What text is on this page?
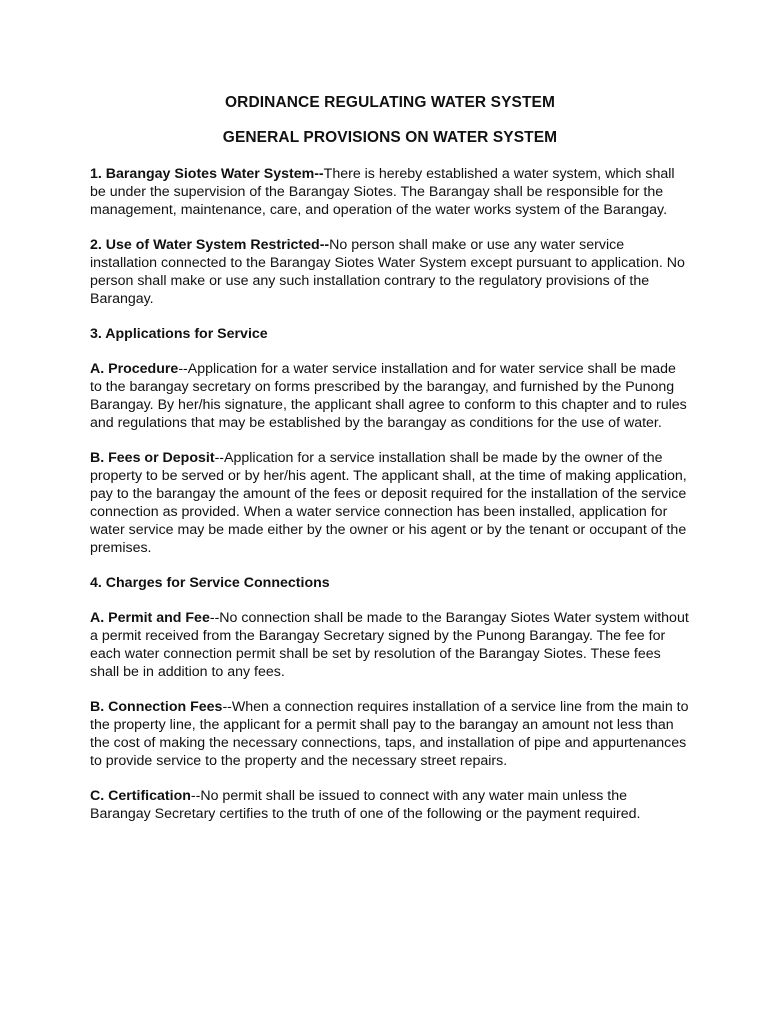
ORDINANCE REGULATING WATER SYSTEM

GENERAL PROVISIONS ON WATER SYSTEM

1. Barangay Siotes Water System--There is hereby established a water system, which shall be under the supervision of the Barangay Siotes. The Barangay shall be responsible for the management, maintenance, care, and operation of the water works system of the Barangay.

2. Use of Water System Restricted--No person shall make or use any water service installation connected to the Barangay Siotes Water System except pursuant to application. No person shall make or use any such installation contrary to the regulatory provisions of the Barangay.

3. Applications for Service

A. Procedure--Application for a water service installation and for water service shall be made to the barangay secretary on forms prescribed by the barangay, and furnished by the Punong Barangay. By her/his signature, the applicant shall agree to conform to this chapter and to rules and regulations that may be established by the barangay as conditions for the use of water.

B. Fees or Deposit--Application for a service installation shall be made by the owner of the property to be served or by her/his agent. The applicant shall, at the time of making application, pay to the barangay the amount of the fees or deposit required for the installation of the service connection as provided. When a water service connection has been installed, application for water service may be made either by the owner or his agent or by the tenant or occupant of the premises.

4. Charges for Service Connections

A. Permit and Fee--No connection shall be made to the Barangay Siotes Water system without a permit received from the Barangay Secretary signed by the Punong Barangay. The fee for each water connection permit shall be set by resolution of the Barangay Siotes. These fees shall be in addition to any fees.

B. Connection Fees--When a connection requires installation of a service line from the main to the property line, the applicant for a permit shall pay to the barangay an amount not less than the cost of making the necessary connections, taps, and installation of pipe and appurtenances to provide service to the property and the necessary street repairs.

C. Certification--No permit shall be issued to connect with any water main unless the Barangay Secretary certifies to the truth of one of the following or the payment required.
